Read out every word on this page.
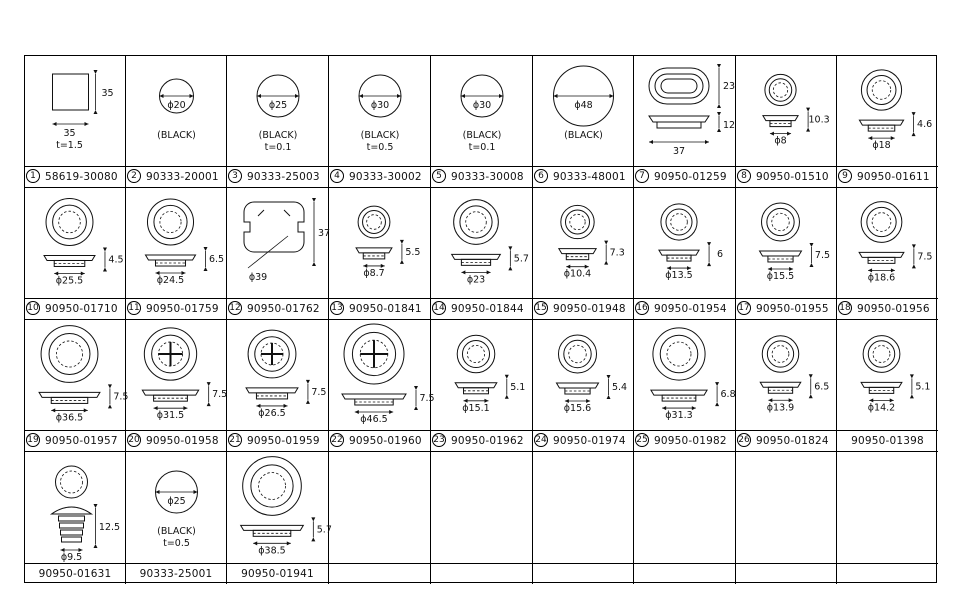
35
35
t=1.5
1 58619-30080
ϕ20
(BLACK)
2 90333-20001
ϕ25
(BLACK)
t=0.1
3 90333-25003
ϕ30
(BLACK)
t=0.5
4 90333-30002
ϕ30
(BLACK)
t=0.1
5 90333-30008
ϕ48
(BLACK)
6 90333-48001
23
12
37
7 90950-01259
10.3
ϕ8
8 90950-01510
4.6
ϕ18
9 90950-01611
4.5
ϕ25.5
10 90950-01710
6.5
ϕ24.5
11 90950-01759
37
ϕ39
12 90950-01762
5.5
ϕ8.7
13 90950-01841
5.7
ϕ23
14 90950-01844
7.3
ϕ10.4
15 90950-01948
6
ϕ13.5
16 90950-01954
7.5
ϕ15.5
17 90950-01955
7.5
ϕ18.6
18 90950-01956
7.5
ϕ36.5
19 90950-01957
7.5
ϕ31.5
20 90950-01958
7.5
ϕ26.5
21 90950-01959
7.5
ϕ46.5
22 90950-01960
5.1
ϕ15.1
23 90950-01962
5.4
ϕ15.6
24 90950-01974
6.8
ϕ31.3
25 90950-01982
6.5
ϕ13.9
26 90950-01824
5.1
ϕ14.2
90950-01398
12.5
ϕ9.5
90950-01631
ϕ25
(BLACK)
t=0.5
90333-25001
5.7
ϕ38.5
90950-01941
